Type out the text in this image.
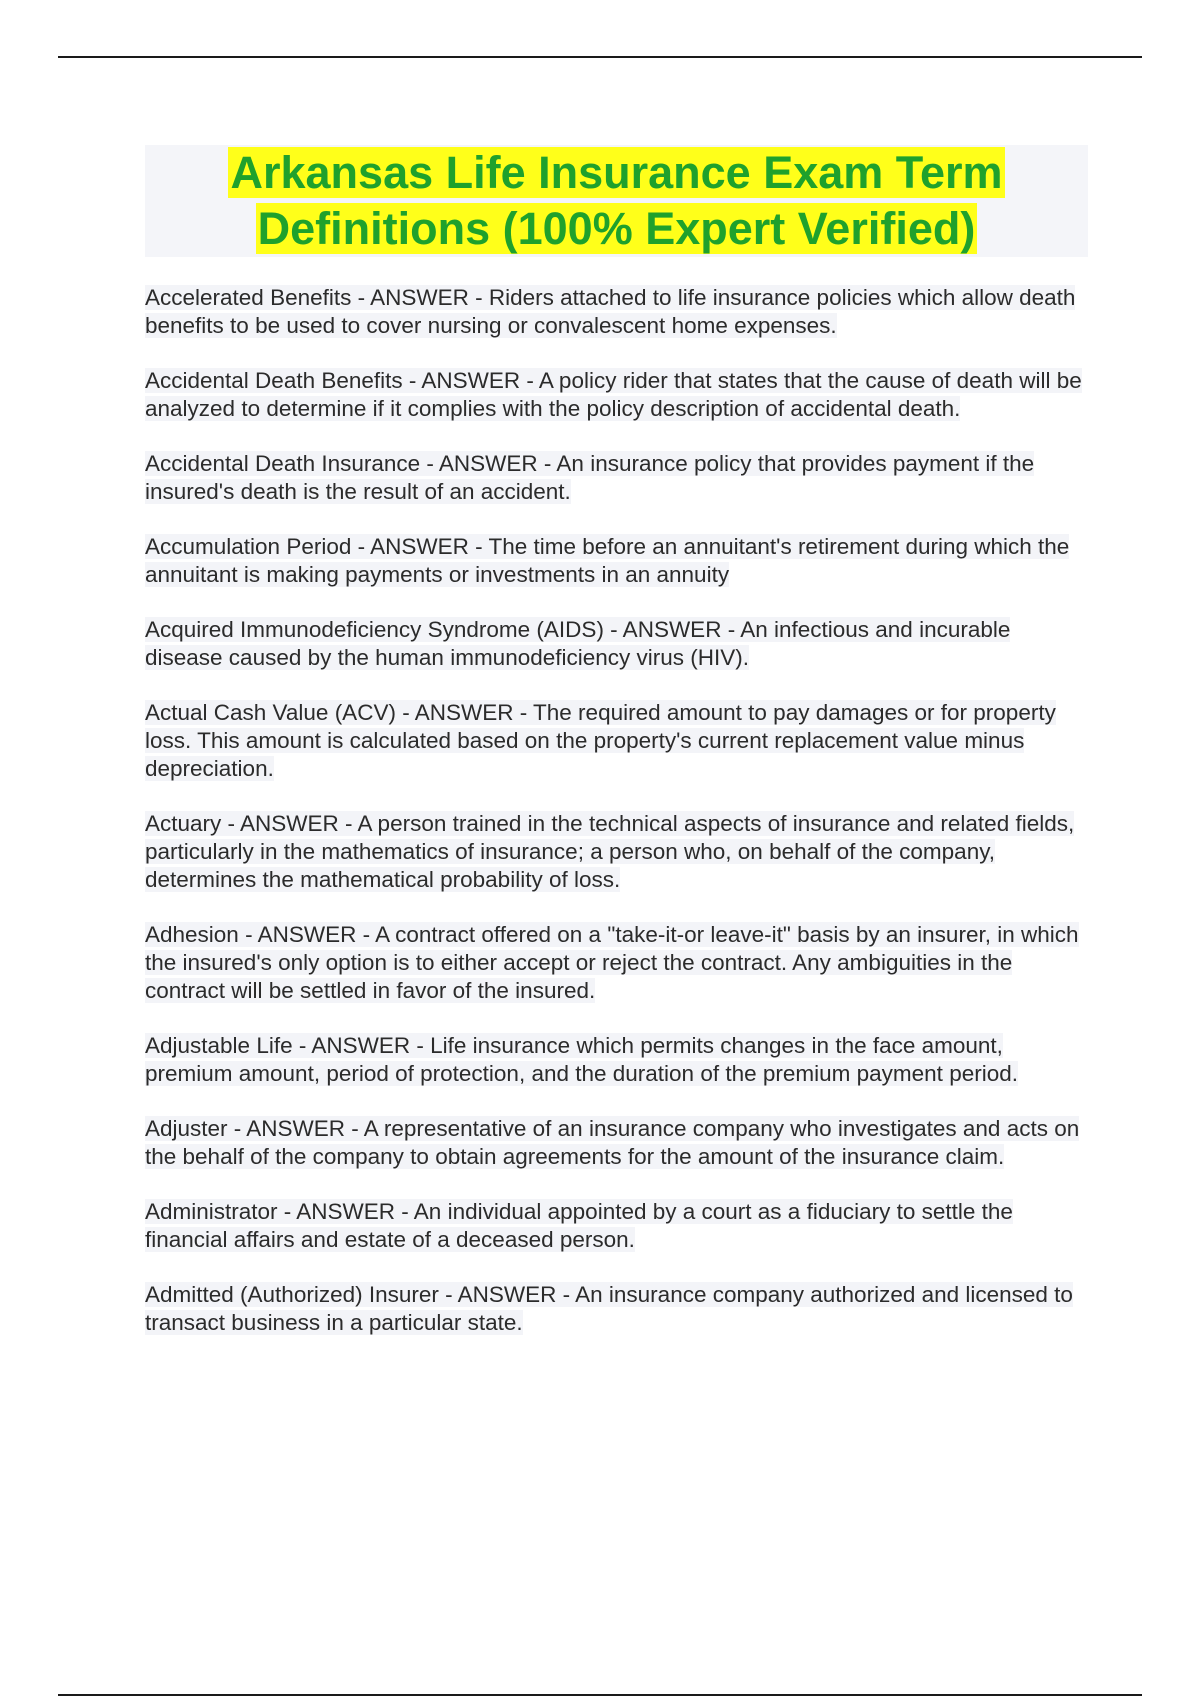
Arkansas Life Insurance Exam Term
Definitions (100% Expert Verified)

Accelerated Benefits - ANSWER - Riders attached to life insurance policies which allow death benefits to be used to cover nursing or convalescent home expenses.

Accidental Death Benefits - ANSWER - A policy rider that states that the cause of death will be analyzed to determine if it complies with the policy description of accidental death.

Accidental Death Insurance - ANSWER - An insurance policy that provides payment if the insured's death is the result of an accident.

Accumulation Period - ANSWER - The time before an annuitant's retirement during which the annuitant is making payments or investments in an annuity

Acquired Immunodeficiency Syndrome (AIDS) - ANSWER - An infectious and incurable disease caused by the human immunodeficiency virus (HIV).

Actual Cash Value (ACV) - ANSWER - The required amount to pay damages or for property loss. This amount is calculated based on the property's current replacement value minus depreciation.

Actuary - ANSWER - A person trained in the technical aspects of insurance and related fields, particularly in the mathematics of insurance; a person who, on behalf of the company, determines the mathematical probability of loss.

Adhesion - ANSWER - A contract offered on a "take-it-or leave-it" basis by an insurer, in which the insured's only option is to either accept or reject the contract. Any ambiguities in the contract will be settled in favor of the insured.

Adjustable Life - ANSWER - Life insurance which permits changes in the face amount, premium amount, period of protection, and the duration of the premium payment period.

Adjuster - ANSWER - A representative of an insurance company who investigates and acts on the behalf of the company to obtain agreements for the amount of the insurance claim.

Administrator - ANSWER - An individual appointed by a court as a fiduciary to settle the financial affairs and estate of a deceased person.

Admitted (Authorized) Insurer - ANSWER - An insurance company authorized and licensed to transact business in a particular state.
